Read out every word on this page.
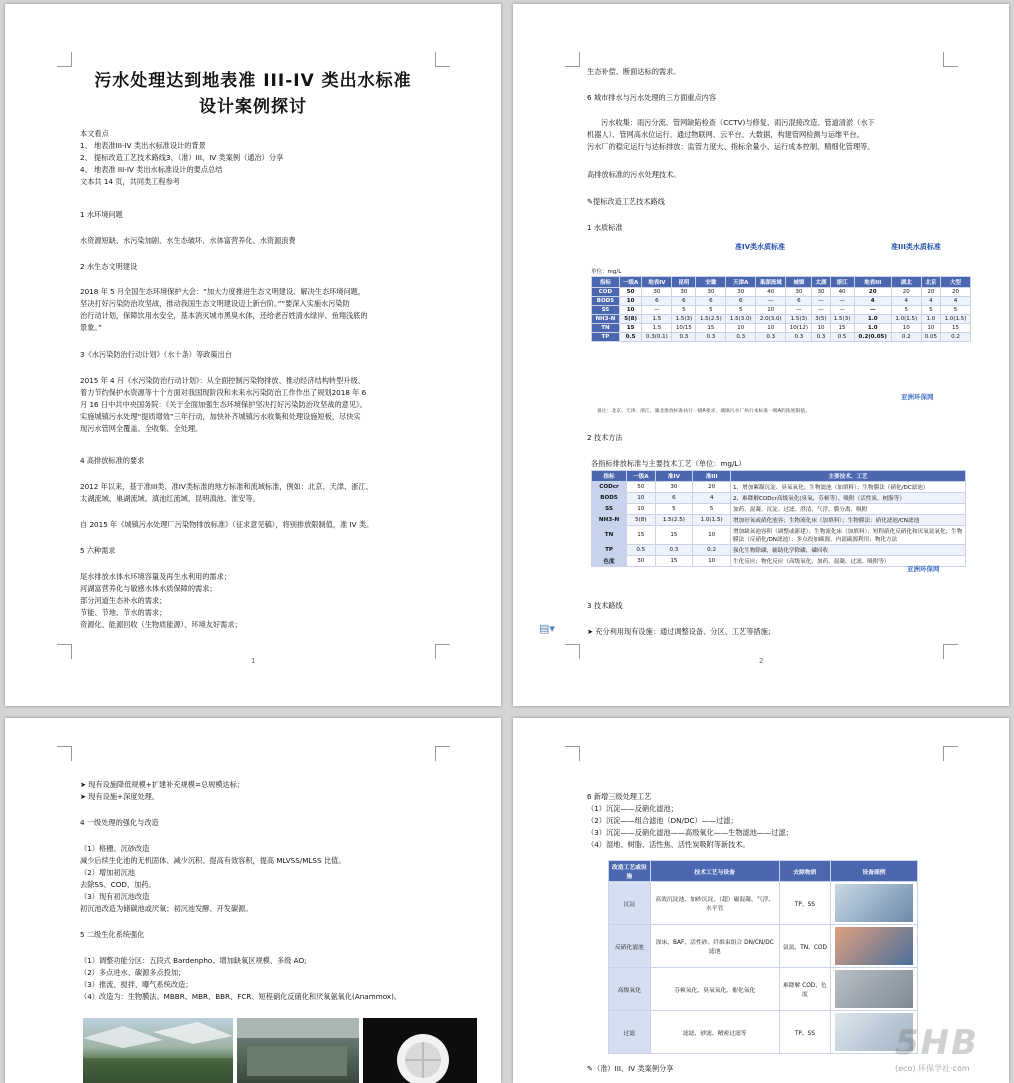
污水处理达到地表准 III-IV 类出水标准
设计案例探讨
本文看点
1、 地表准III-IV 类出水标准设计的背景
2、 提标改造工艺技术路线3、（准）III、IV 类案例（通冶）分享
4、 地表准 III-IV 类出水标准设计的要点总结
文本共 14 页，共同类工程参考
1 水环境问题
水资源短缺、水污染加剧、水生态破坏、水体富营养化、水资源浪费
2 水生态文明建设
2018 年 5 月全国生态环境保护大会：“加大力度推进生态文明建设、解决生态环境问题，
坚决打好污染防治攻坚战，推动我国生态文明建设迈上新台阶。”“要深入实施水污染防
治行动计划，保障饮用水安全，基本消灭城市黑臭水体，还给老百姓清水绿岸、鱼翔浅底的
景象。”
3《水污染防治行动计划》（水十条）等政策出台
2015 年 4 月《水污染防治行动计划》：从全面控制污染物排放、推动经济结构转型升级、
着力节约保护水资源等十个方面对我国现阶段和未来水污染防治工作作出了规划2018 年 6
月 16 日中共中央国务院：《关于全面加强生态环境保护坚决打好污染防治攻坚战的意见》。
实施城镇污水处理“提质增效”三年行动，加快补齐城镇污水收集和处理设施短板，尽快实
现污水管网全覆盖、全收集、全处理。
4 高排放标准的要求
2012 年以来，基于准III类、准IV类标准的地方标准和流域标准，例如：北京、天津、浙江、
太湖流域、巢湖流域、滇池红流域、昆明滇池、淮安等。
自 2015 年《城镇污水处理厂污染物排放标准》（征求意见稿），将别排放限制值，准 IV 类。
5 六种需求
尾水排放水体水环境容量及再生水利用的需求；
河湖富营养化与敏感水体水质保障的需求；
部分河道生态补水的需求；
节能、节地、节水的需求；
资源化、能源回收（生物质能源）、环境友好需求；
1
生态补偿、断面达标的需求。
6 城市排水与污水处理的三方面重点内容
污水收集：雨污分流、管网缺陷检查（CCTV)与修复、雨污混接改造、管道清淤（水下
机器人）、管网高水位运行、通过物联网、云平台、大数据，构建管网检测与运维平台。
污水厂的稳定运行与达标排放：监管力度大、指标余量小、运行成本控制、精细化管理等。
高排放标准的污水处理技术。
✎提标改造工艺技术路线
1 水质标准
准IV类水质标准	准III类水质标准
单位：mg/L
指标	一级A	地表IV	昆明	安徽	天津A	巢湖流域	城镇	太湖	浙江	地表III	湖北	北京	大型
COD	50	30	30	30	30	40	30	30	40	20	20	20	20
BOD5	10	6	6	6	6	—	6	—	—	4	4	4	4
SS	10	—	5	5	5	10	—	—	—	—	5	5	5
NH3-N	5(8)	1.5	1.5(3)	1.5(2.5)	1.5(3.0)	2.0(3.0)	1.5(3)	3(5)	1.5(3)	1.0	1.0(1.5)	1.0	1.0(1.5)
TN	15	1.5	10/15	15	10	10	10(12)	10	15	1.0	10	10	15
TP	0.5	0.3(0.1)	0.3	0.3	0.3	0.3	0.3	0.3	0.5	0.2(0.05)	0.2	0.05	0.2
备注：北京、天津、浙江、湖北排放标准执行一级A要求，城镇污水厂执行本标准一级A的浓度限值。
亚洲环保网
2 技术方法
各指标排放标准与主要技术工艺（单位：mg/L）
指标	一级A	准IV	准III	主要技术、工艺
CODcr	50	30	20	1、增加絮凝沉淀、臭氧氧化；生物滤池（加填料）；生物膜法（硝化/DC滤池）
BOD5	10	6	4	2、难降解CODcr高级氧化(臭氧、芬顿等）、吸附（活性炭、树脂等）
SS	10	5	5	加药、混凝、沉淀、过滤、澄清、气浮、膜分离、吸附
NH3-N	5(8)	1.5(2.5)	1.0(1.5)	增加好氧或硝化池容；生物流化床（加填料）；生物膜法：硝化滤池/CN滤池
TN	15	15	10	增加缺氧池容积（调整或新建）；生物流化床（加填料）；短程硝化反硝化和厌氧氨氧化；生物膜法（反硝化/DN滤池）；多点投加碳源，内部碳源利用；物化方法
TP	0.5	0.3	0.2	强化生物除磷，辅助化学除磷，磷回收
色度	30	15	10	生化反应；物化反应（高级氧化、加药、混凝、过滤、吸附等）
亚洲环保网
3 技术路线
➤ 充分利用现有设施：通过调整设备、分区、工艺等措施；
▤▾
2
➤ 现有设施降低规模+扩建补充规模=总规模达标；
➤ 现有设施+深度处理。
4 一级处理的强化与改造
（1）格栅、沉砂改造
减少后续生化池的无机固体、减少沉积、提高有效容积，提高 MLVSS/MLSS 比值。
（2）增加初沉池
去除SS、COD、加药。
（3）现有初沉池改造
初沉池改造为储碳池或厌氧；初沉池发酵、开发碳源。
5 二级生化系统强化
（1）调整功能分区：五段式 Bardenpho、增加缺氧区规模、多级 AO;
（2）多点进水、碳源多点投加；
（3）推流、搅拌、曝气系统改造；
（4）改造为：生物膜法、MBBR、MBR、BBR、FCR、短程硝化反硝化和厌氧氨氧化(Anammox)。
6 新增三级处理工艺
（1）沉淀——反硝化滤池；
（2）沉淀——组合滤池（DN/DC）——过滤；
（3）沉淀——反硝化滤池——高级氧化——生物滤池——过滤；
（4）湿地、树脂、活性焦、活性炭吸附等新技术。
改造工艺或设施	技术工艺与设备	去除物质	设备图例
沉淀	高效沉淀池、加砂沉淀、（超）磁混凝、气浮、水平管	TP、SS	

反硝化滤池	深床、BAF、活性砂、纤维束组合 DN/CN/DC 滤池	氨氮、TN、COD	

高级氧化	芬顿氧化、臭氧氧化、催化氧化	难降解 COD、色度	

过滤	滤滤、砂滤、精密过滤等	TP、SS	
✎（准）III、IV 类案例分享
5HB
(eco) 环保学社·com
